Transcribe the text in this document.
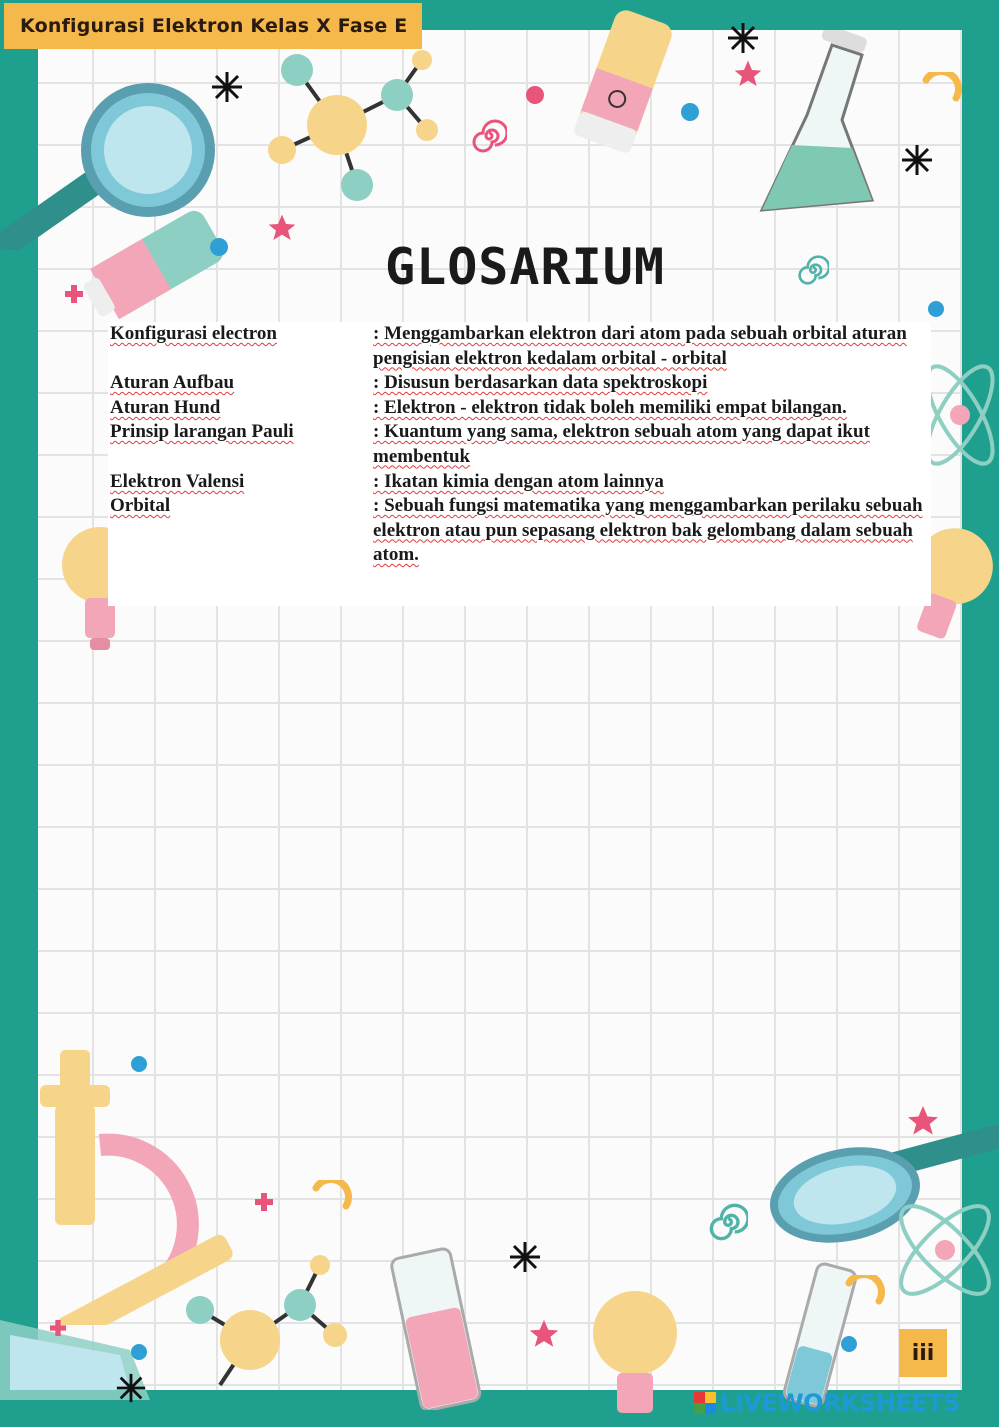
Konfigurasi Elektron Kelas X Fase E
GLOSARIUM
Konfigurasi electron	: Menggambarkan elektron dari atom pada sebuah orbital aturan pengisian elektron kedalam orbital - orbital
Aturan Aufbau	: Disusun berdasarkan data spektroskopi
Aturan Hund	: Elektron - elektron tidak boleh memiliki empat bilangan.
Prinsip larangan Pauli	: Kuantum yang sama, elektron sebuah atom yang dapat ikut membentuk
Elektron Valensi	: Ikatan kimia dengan atom lainnya
Orbital	: Sebuah fungsi matematika yang menggambarkan perilaku sebuah elektron atau pun sepasang elektron bak gelombang dalam sebuah atom.
iii
LIVEWORKSHEETS
